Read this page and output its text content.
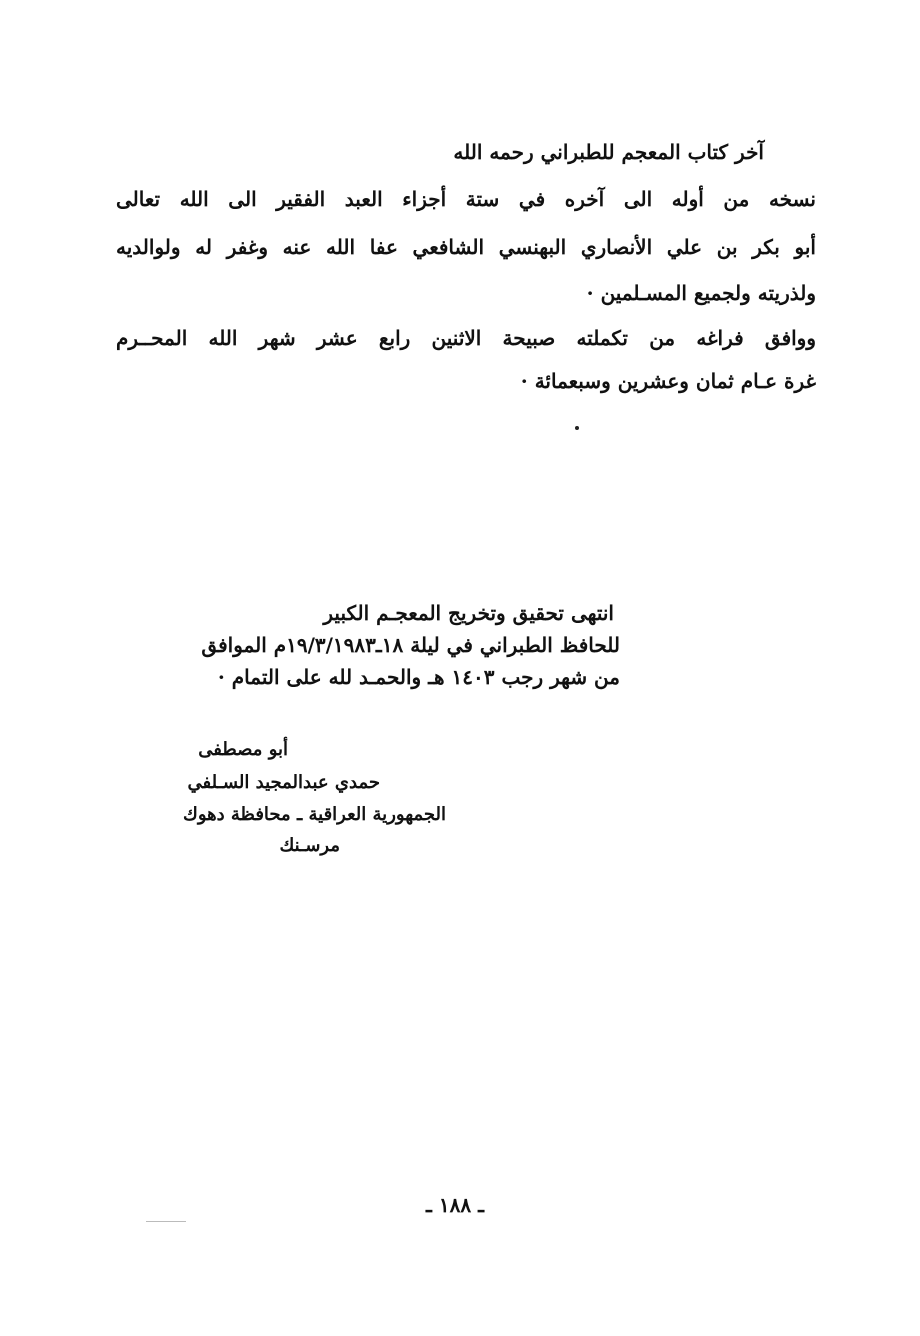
آخر كتاب المعجم للطبراني رحمه الله
نسخه من أوله الى آخره في ستة أجزاء العبد الفقير الى الله تعالى
أبو بكر بن علي الأنصاري البهنسي الشافعي عفا الله عنه وغفر له ولوالديه
ولذريته ولجميع المسـلمين ·
ووافق فراغه من تكملته صبيحة الاثنين رابع عشر شهر الله المحــرم
غرة عـام ثمان وعشرين وسبعمائة ·
انتهى تحقيق وتخريج المعجـم الكبير
للحافظ الطبراني في ليلة ١٨ـ١٩/٣/١٩٨٣م الموافق
من شهر رجب ١٤٠٣ هـ والحمـد لله على التمام ·
أبو مصطفى
حمدي عبدالمجيد السـلفي
الجمهورية العراقية ـ محافظة دهوك
مرسـنك
ـ ١٨٨ ـ
